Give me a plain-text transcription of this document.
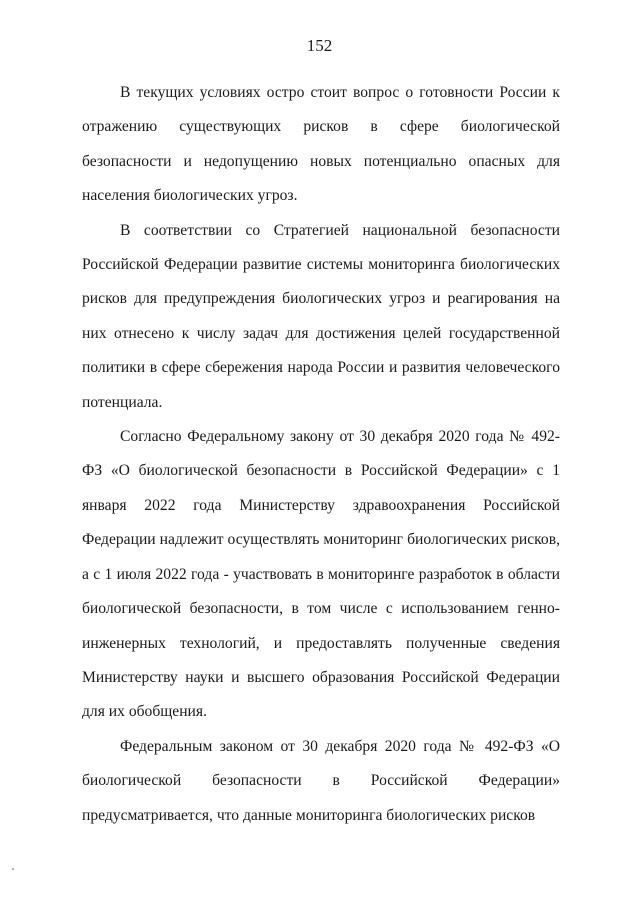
152

В текущих условиях остро стоит вопрос о готовности России к отражению существующих рисков в сфере биологической безопасности и недопущению новых потенциально опасных для населения биологических угроз.

В соответствии со Стратегией национальной безопасности Российской Федерации развитие системы мониторинга биологических рисков для предупреждения биологических угроз и реагирования на них отнесено к числу задач для достижения целей государственной политики в сфере сбережения народа России и развития человеческого потенциала.

Согласно Федеральному закону от 30 декабря 2020 года № 492-ФЗ «О биологической безопасности в Российской Федерации» с 1 января 2022 года Министерству здравоохранения Российской Федерации надлежит осуществлять мониторинг биологических рисков, а с 1 июля 2022 года - участвовать в мониторинге разработок в области биологической безопасности, в том числе с использованием генно-инженерных технологий, и предоставлять полученные сведения Министерству науки и высшего образования Российской Федерации для их обобщения.

Федеральным законом от 30 декабря 2020 года № 492-ФЗ «О биологической безопасности в Российской Федерации» предусматривается, что данные мониторинга биологических рисков
